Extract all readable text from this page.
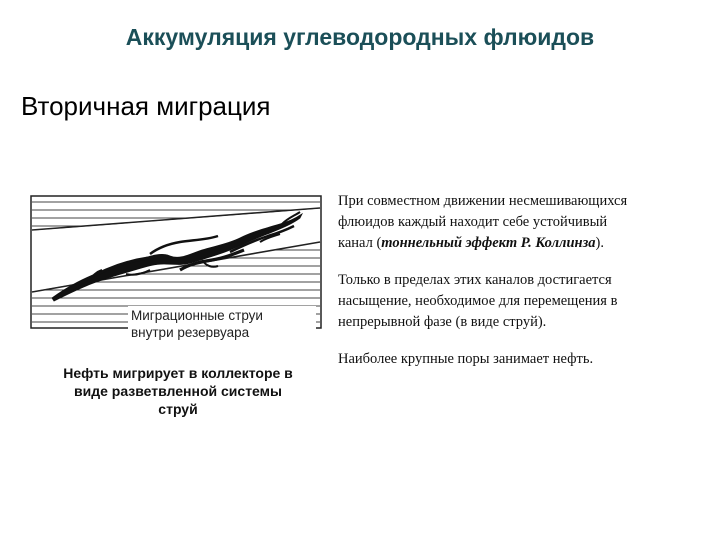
Аккумуляция углеводородных флюидов
Вторичная миграция
Миграционные струи
внутри резервуара
Нефть мигрирует в коллекторе в
виде разветвленной системы
струй

При совместном движении несмешивающихся
флюидов каждый находит себе устойчивый
канал (тоннельный эффект Р. Коллинза).

Только в пределах этих каналов достигается
насыщение, необходимое для перемещения в
непрерывной фазе (в виде струй).

Наиболее крупные поры занимает нефть.
